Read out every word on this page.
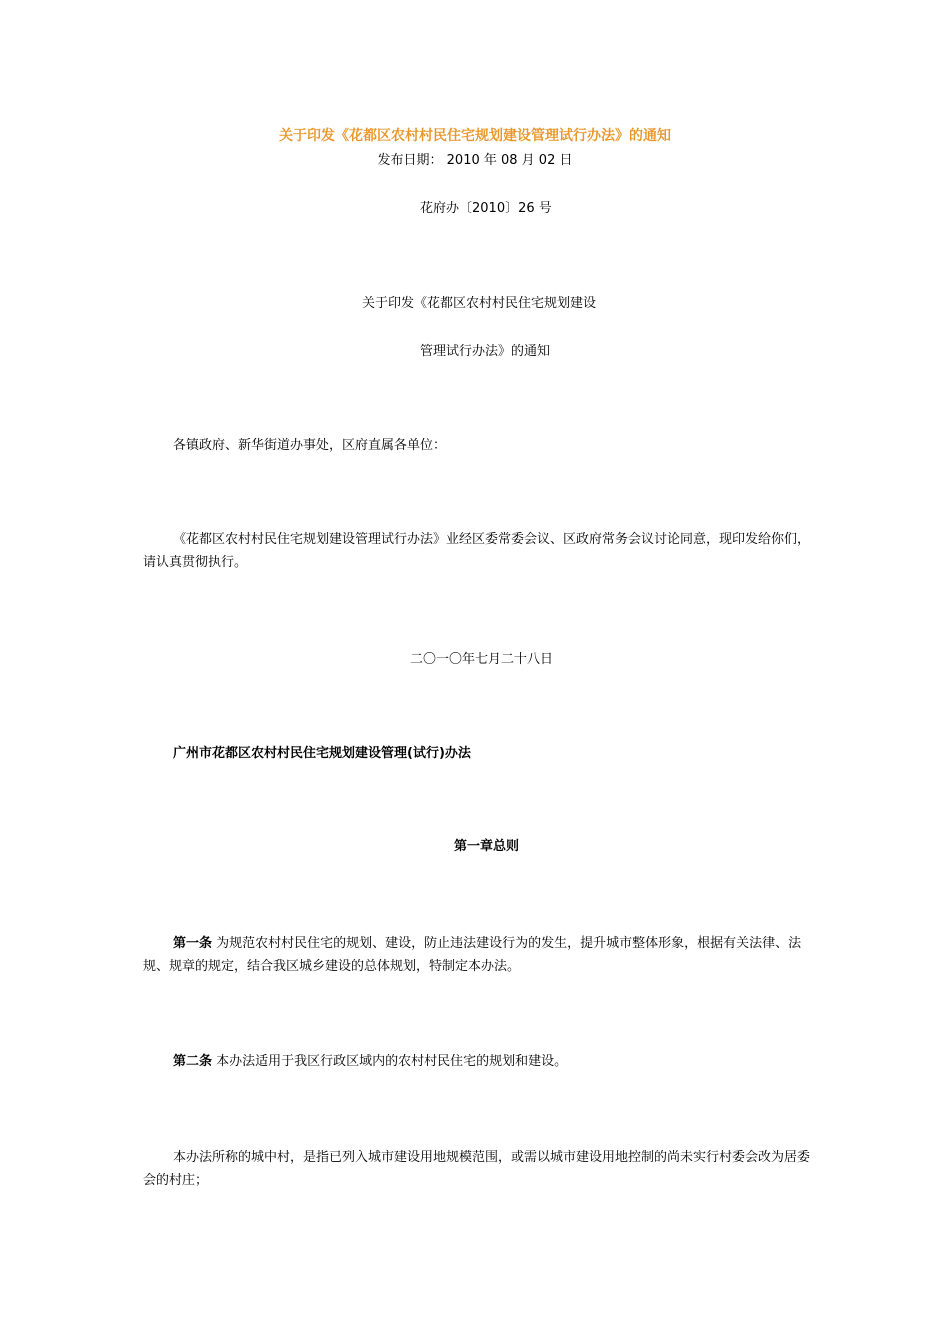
关于印发《花都区农村村民住宅规划建设管理试行办法》的通知
发布日期： 2010 年 08 月 02 日
花府办〔2010〕26 号
关于印发《花都区农村村民住宅规划建设
管理试行办法》的通知
各镇政府、新华街道办事处，区府直属各单位：
《花都区农村村民住宅规划建设管理试行办法》业经区委常委会议、区政府常务会议讨论同意，现印发给你们，请认真贯彻执行。
二〇一〇年七月二十八日
广州市花都区农村村民住宅规划建设管理(试行)办法
第一章总则
第一条 为规范农村村民住宅的规划、建设，防止违法建设行为的发生，提升城市整体形象，根据有关法律、法规、规章的规定，结合我区城乡建设的总体规划，特制定本办法。
第二条 本办法适用于我区行政区域内的农村村民住宅的规划和建设。
本办法所称的城中村，是指已列入城市建设用地规模范围，或需以城市建设用地控制的尚未实行村委会改为居委会的村庄；
